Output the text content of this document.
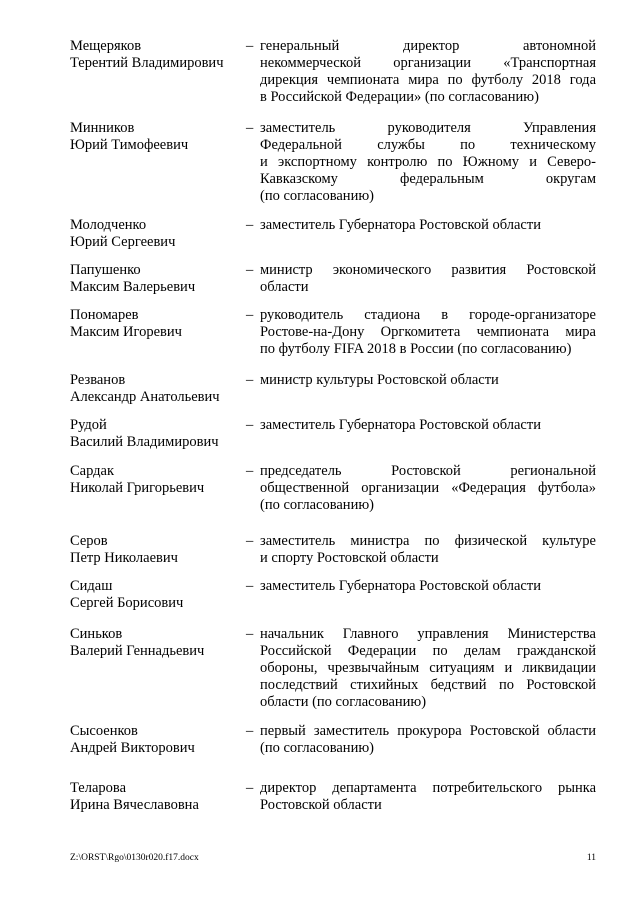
Мещеряков
Терентий Владимирович
– генеральный директор автономной
некоммерческой организации «Транспортная
дирекция чемпионата мира по футболу 2018 года
в Российской Федерации» (по согласованию)
Минников
Юрий Тимофеевич
– заместитель руководителя Управления
Федеральной службы по техническому
и экспортному контролю по Южному и Северо-
Кавказскому федеральным округам
(по согласованию)
Молодченко
Юрий Сергеевич
– заместитель Губернатора Ростовской области
Папушенко
Максим Валерьевич
– министр экономического развития Ростовской
области
Пономарев
Максим Игоревич
– руководитель стадиона в городе-организаторе
Ростове-на-Дону Оргкомитета чемпионата мира
по футболу FIFA 2018 в России (по согласованию)
Резванов
Александр Анатольевич
– министр культуры Ростовской области
Рудой
Василий Владимирович
– заместитель Губернатора Ростовской области
Сардак
Николай Григорьевич
– председатель Ростовской региональной
общественной организации «Федерация футбола»
(по согласованию)
Серов
Петр Николаевич
– заместитель министра по физической культуре
и спорту Ростовской области
Сидаш
Сергей Борисович
– заместитель Губернатора Ростовской области
Синьков
Валерий Геннадьевич
– начальник Главного управления Министерства
Российской Федерации по делам гражданской
обороны, чрезвычайным ситуациям и ликвидации
последствий стихийных бедствий по Ростовской
области (по согласованию)
Сысоенков
Андрей Викторович
– первый заместитель прокурора Ростовской области
(по согласованию)
Теларова
Ирина Вячеславовна
– директор департамента потребительского рынка
Ростовской области
Z:\ORST\Rgo\0130r020.f17.docx	11
